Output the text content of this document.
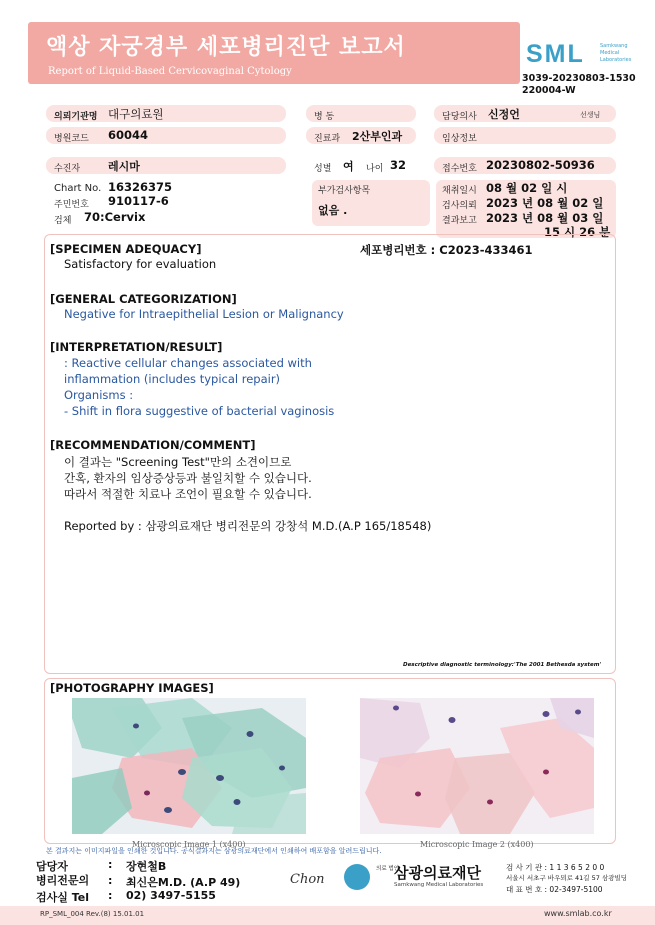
액상 자궁경부 세포병리진단 보고서
Report of Liquid-Based Cervicovaginal Cytology
SML	Samkwang Medical Laboratories
3039-20230803-1530
220004-W
의뢰기관명 대구의료원	병 동	담당의사 신정언	선생님
병원코드 60044	진료과 2산부인과	임상정보
수진자	레시마	성별 여 나이 32	접수번호 20230802-50936
Chart No. 16326375
주민번호 910117-6
검체 70:Cervix
부가검사항목
없음 .
채취일시 08 월 02 일 시
검사의뢰 2023 년 08 월 02 일
결과보고 2023 년 08 월 03 일
15 시 26 분
[SPECIMEN ADEQUACY]	세포병리번호 : C2023-433461
Satisfactory for evaluation
[GENERAL CATEGORIZATION]
Negative for Intraepithelial Lesion or Malignancy
[INTERPRETATION/RESULT]
: Reactive cellular changes associated with
inflammation (includes typical repair)
Organisms :
- Shift in flora suggestive of bacterial vaginosis
[RECOMMENDATION/COMMENT]
이 결과는 "Screening Test"만의 소견이므로
간혹, 환자의 임상증상등과 불일치할 수 있습니다.
따라서 적절한 치료나 조언이 필요할 수 있습니다.
Reported by : 삼광의료재단 병리전문의 강창석 M.D.(A.P 165/18548)
Descriptive diagnostic terminology:'The 2001 Bethesda system'
[PHOTOGRAPHY IMAGES]
Microscopic Image 1 (x400)	Microscopic Image 2 (x400)
본 결과지는 이미지파일을 인쇄한 것입니다. 공식결과지는 삼광의료재단에서 인쇄하여 배포함을 알려드립니다.
담당자	: 장현철B
병리전문의 : 최신은M.D. (A.P 49)
검사실 Tel : 02) 3497-5155
Chon
의료 법인
삼광의료재단
Samkwang Medical Laboratories
검 사 기 관 : 1 1 3 6 5 2 0 0
서울시 서초구 바우뫼로 41길 57 삼광빌딩
대 표 번 호 : 02-3497-5100
RP_SML_004 Rev.(8) 15.01.01	www.smlab.co.kr
